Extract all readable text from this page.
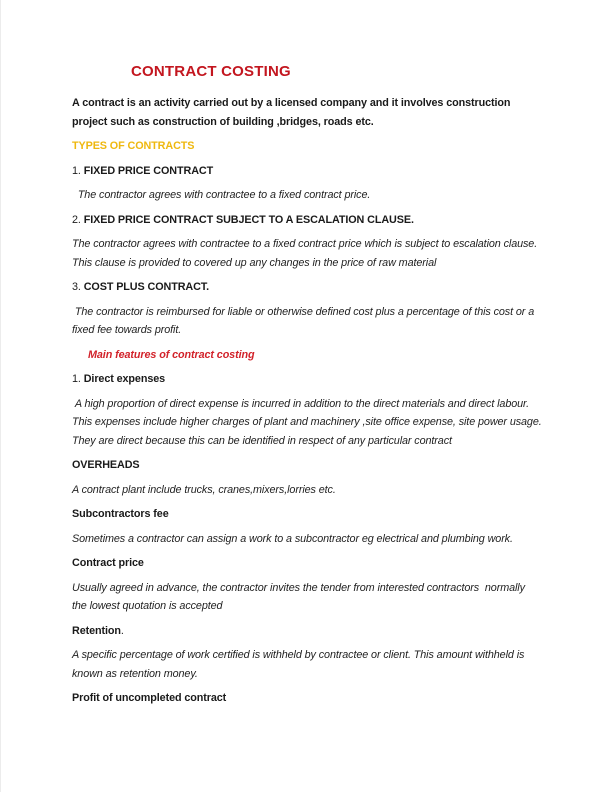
CONTRACT COSTING

A contract is an activity carried out by a licensed company and it involves construction project such as construction of building ,bridges, roads etc.

TYPES OF CONTRACTS

1. FIXED PRICE CONTRACT

The contractor agrees with contractee to a fixed contract price.

2. FIXED PRICE CONTRACT SUBJECT TO A ESCALATION CLAUSE.

The contractor agrees with contractee to a fixed contract price which is subject to escalation clause. This clause is provided to covered up any changes in the price of raw material

3. COST PLUS CONTRACT.

The contractor is reimbursed for liable or otherwise defined cost plus a percentage of this cost or a fixed fee towards profit.

Main features of contract costing

1. Direct expenses

A high proportion of direct expense is incurred in addition to the direct materials and direct labour. This expenses include higher charges of plant and machinery ,site office expense, site power usage. They are direct because this can be identified in respect of any particular contract

OVERHEADS

A contract plant include trucks, cranes,mixers,lorries etc.

Subcontractors fee

Sometimes a contractor can assign a work to a subcontractor eg electrical and plumbing work.

Contract price

Usually agreed in advance, the contractor invites the tender from interested contractors  normally the lowest quotation is accepted

Retention.

A specific percentage of work certified is withheld by contractee or client. This amount withheld is known as retention money.

Profit of uncompleted contract
